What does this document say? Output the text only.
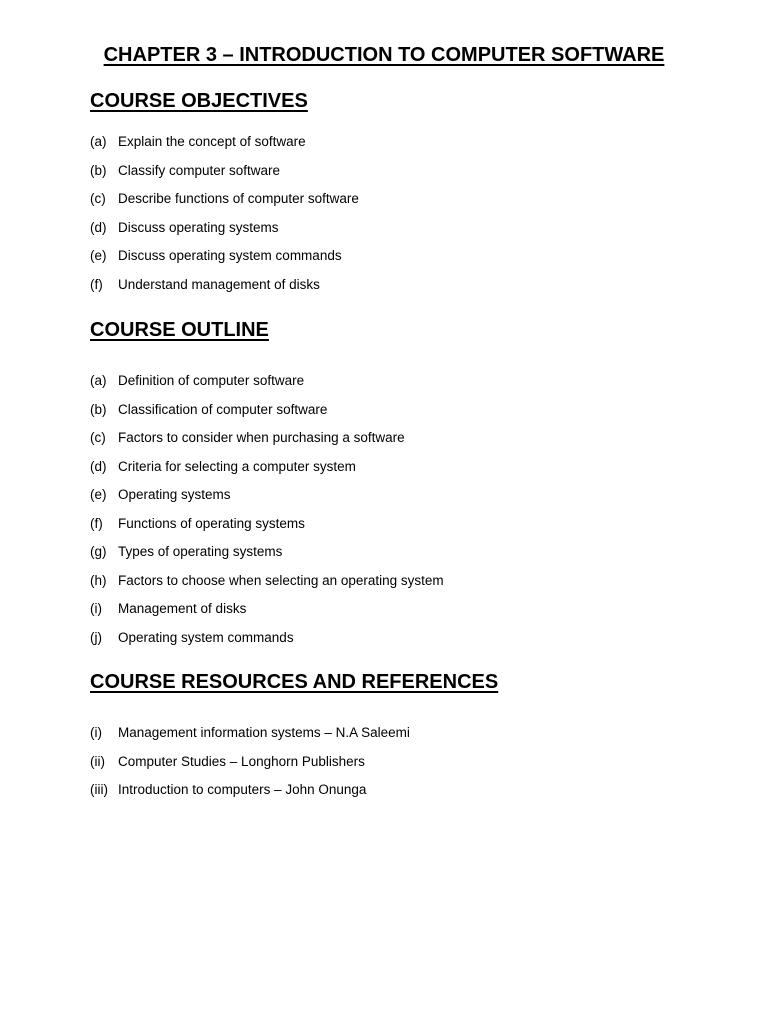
CHAPTER 3 – INTRODUCTION TO COMPUTER SOFTWARE
COURSE OBJECTIVES
(a) Explain the concept of software
(b) Classify computer software
(c) Describe functions of computer software
(d) Discuss operating systems
(e) Discuss operating system commands
(f) Understand management of disks
COURSE OUTLINE
(a) Definition of computer software
(b) Classification of computer software
(c) Factors to consider when purchasing a software
(d) Criteria for selecting a computer system
(e) Operating systems
(f) Functions of operating systems
(g) Types of operating systems
(h) Factors to choose when selecting an operating system
(i) Management of disks
(j) Operating system commands
COURSE RESOURCES AND REFERENCES
(i) Management information systems – N.A Saleemi
(ii) Computer Studies – Longhorn Publishers
(iii) Introduction to computers – John Onunga
